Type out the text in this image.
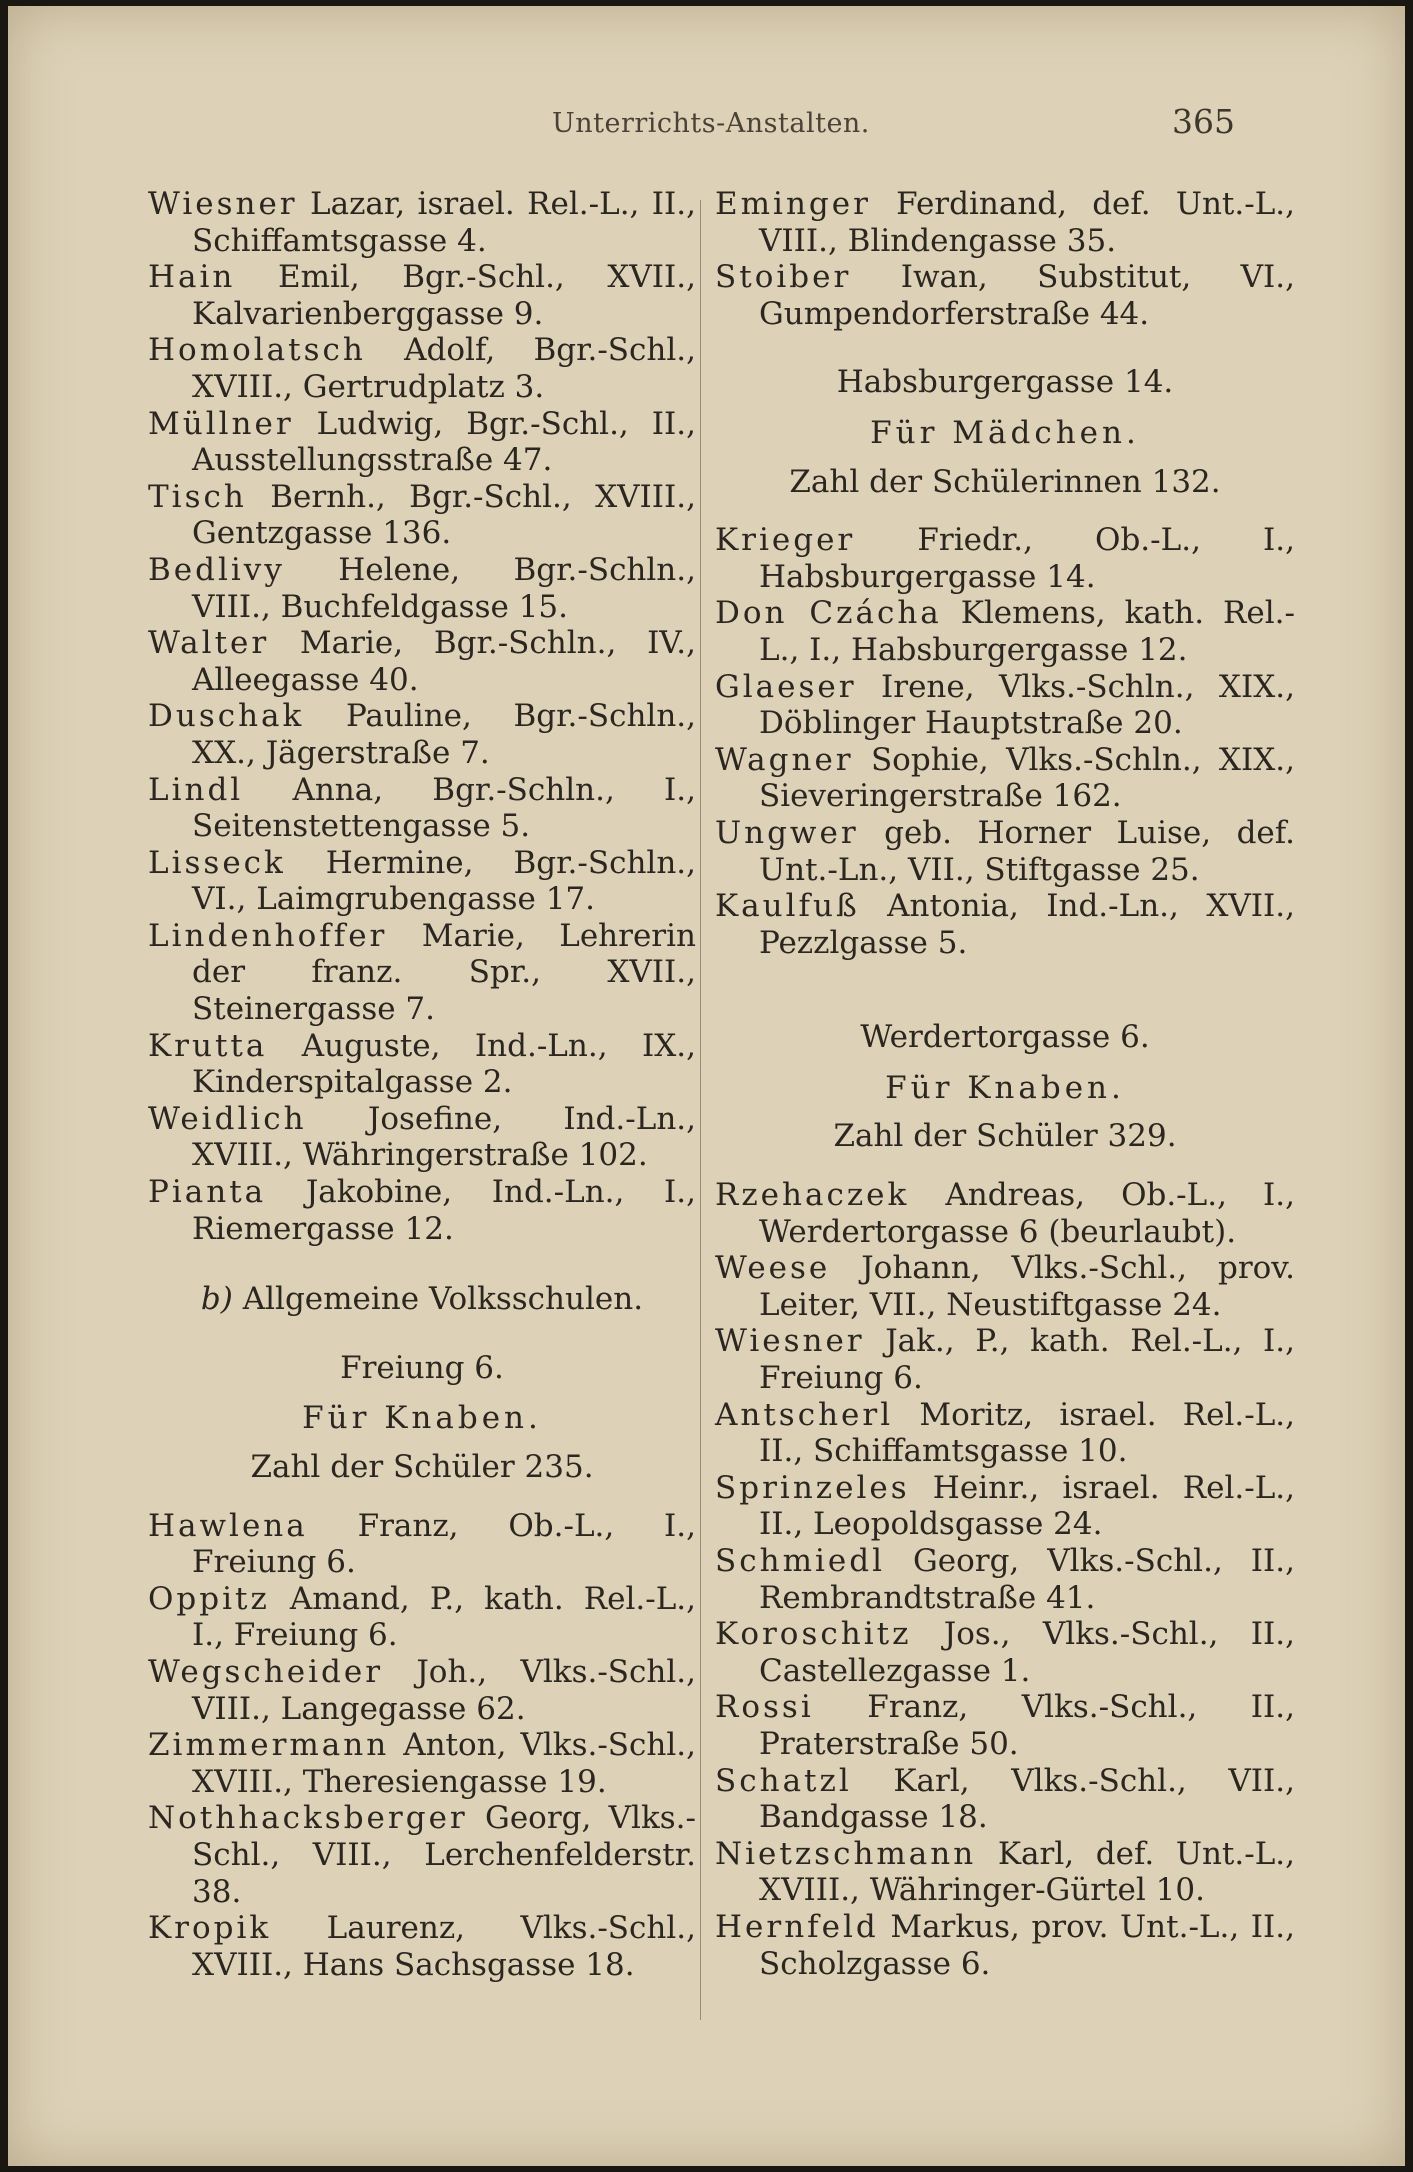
Unterrichts-Anstalten.	365
Wiesner Lazar, israel. Rel.-L., II., Schiffamtsgasse 4.
Hain Emil, Bgr.-Schl., XVII., Kalvarienberggasse 9.
Homolatsch Adolf, Bgr.-Schl., XVIII., Gertrudplatz 3.
Müllner Ludwig, Bgr.-Schl., II., Ausstellungsstraße 47.
Tisch Bernh., Bgr.-Schl., XVIII., Gentzgasse 136.
Bedlivy Helene, Bgr.-Schln., VIII., Buchfeldgasse 15.
Walter Marie, Bgr.-Schln., IV., Alleegasse 40.
Duschak Pauline, Bgr.-Schln., XX., Jägerstraße 7.
Lindl Anna, Bgr.-Schln., I., Seitenstettengasse 5.
Lisseck Hermine, Bgr.-Schln., VI., Laimgrubengasse 17.
Lindenhoffer Marie, Lehrerin der franz. Spr., XVII., Steinergasse 7.
Krutta Auguste, Ind.-Ln., IX., Kinderspitalgasse 2.
Weidlich Josefine, Ind.-Ln., XVIII., Währingerstraße 102.
Pianta Jakobine, Ind.-Ln., I., Riemergasse 12.
b) Allgemeine Volksschulen.
Freiung 6.
Für Knaben.
Zahl der Schüler 235.
Hawlena Franz, Ob.-L., I., Freiung 6.
Oppitz Amand, P., kath. Rel.-L., I., Freiung 6.
Wegscheider Joh., Vlks.-Schl., VIII., Langegasse 62.
Zimmermann Anton, Vlks.-Schl., XVIII., Theresiengasse 19.
Nothhacksberger Georg, Vlks.-Schl., VIII., Lerchenfelderstr. 38.
Kropik Laurenz, Vlks.-Schl., XVIII., Hans Sachsgasse 18.
Eminger Ferdinand, def. Unt.-L., VIII., Blindengasse 35.
Stoiber Iwan, Substitut, VI., Gumpendorferstraße 44.
Habsburgergasse 14.
Für Mädchen.
Zahl der Schülerinnen 132.
Krieger Friedr., Ob.-L., I., Habsburgergasse 14.
Don Czácha Klemens, kath. Rel.-L., I., Habsburgergasse 12.
Glaeser Irene, Vlks.-Schln., XIX., Döblinger Hauptstraße 20.
Wagner Sophie, Vlks.-Schln., XIX., Sieveringerstraße 162.
Ungwer geb. Horner Luise, def. Unt.-Ln., VII., Stiftgasse 25.
Kaulfuß Antonia, Ind.-Ln., XVII., Pezzlgasse 5.
Werdertorgasse 6.
Für Knaben.
Zahl der Schüler 329.
Rzehaczek Andreas, Ob.-L., I., Werdertorgasse 6 (beurlaubt).
Weese Johann, Vlks.-Schl., prov. Leiter, VII., Neustiftgasse 24.
Wiesner Jak., P., kath. Rel.-L., I., Freiung 6.
Antscherl Moritz, israel. Rel.-L., II., Schiffamtsgasse 10.
Sprinzeles Heinr., israel. Rel.-L., II., Leopoldsgasse 24.
Schmiedl Georg, Vlks.-Schl., II., Rembrandtstraße 41.
Koroschitz Jos., Vlks.-Schl., II., Castellezgasse 1.
Rossi Franz, Vlks.-Schl., II., Praterstraße 50.
Schatzl Karl, Vlks.-Schl., VII., Bandgasse 18.
Nietzschmann Karl, def. Unt.-L., XVIII., Währinger-Gürtel 10.
Hernfeld Markus, prov. Unt.-L., II., Scholzgasse 6.
